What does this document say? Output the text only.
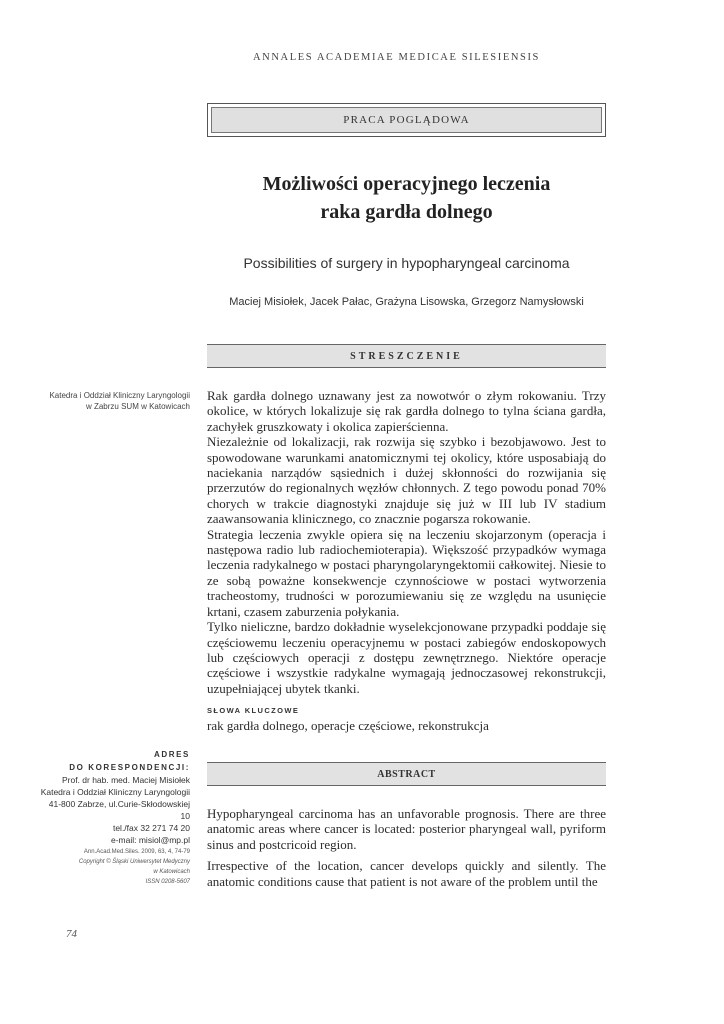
ANNALES ACADEMIAE MEDICAE SILESIENSIS
PRACA POGLĄDOWA
Możliwości operacyjnego leczenia
raka gardła dolnego
Possibilities of surgery in hypopharyngeal carcinoma
Maciej Misiołek, Jacek Pałac, Grażyna Lisowska, Grzegorz Namysłowski
STRESZCZENIE
Katedra i Oddział Kliniczny Laryngologii
w Zabrzu SUM w Katowicach

Rak gardła dolnego uznawany jest za nowotwór o złym rokowaniu. Trzy okolice, w których lokalizuje się rak gardła dolnego to tylna ściana gardła, zachyłek gruszkowaty i okolica zapierścienna.

Niezależnie od lokalizacji, rak rozwija się szybko i bezobjawowo. Jest to spowodowane warunkami anatomicznymi tej okolicy, które usposabiają do naciekania narządów sąsiednich i dużej skłonności do rozwijania się przerzutów do regionalnych węzłów chłonnych. Z tego powodu ponad 70% chorych w trakcie diagnostyki znajduje się już w III lub IV stadium zaawansowania klinicznego, co znacznie pogarsza rokowanie.

Strategia leczenia zwykle opiera się na leczeniu skojarzonym (operacja i następowa radio lub radiochemioterapia). Większość przypadków wymaga leczenia radykalnego w postaci pharyngolaryngektomii całkowitej. Niesie to ze sobą poważne konsekwencje czynnościowe w postaci wytworzenia tracheostomy, trudności w porozumiewaniu się ze względu na usunięcie krtani, czasem zaburzenia połykania.

Tylko nieliczne, bardzo dokładnie wyselekcjonowane przypadki poddaje się częściowemu leczeniu operacyjnemu w postaci zabiegów endoskopowych lub częściowych operacji z dostępu zewnętrznego. Niektóre operacje częściowe i wszystkie radykalne wymagają jednoczasowej rekonstrukcji, uzupełniającej ubytek tkanki.

SŁOWA KLUCZOWE
rak gardła dolnego, operacje częściowe, rekonstrukcja
ADRES
DO KORESPONDENCJI:
Prof. dr hab. med. Maciej Misiołek
Katedra i Oddział Kliniczny Laryngologii
41-800 Zabrze, ul.Curie-Skłodowskiej 10
tel./fax 32 271 74 20
e-mail: misiol@mp.pl
Ann.Acad.Med.Siles. 2009, 63, 4, 74-79
Copyright © Śląski Uniwersytet Medyczny
w Katowicach
ISSN 0208-5607
ABSTRACT

Hypopharyngeal carcinoma has an unfavorable prognosis. There are three anatomic areas where cancer is located: posterior pharyngeal wall, pyriform sinus and postcricoid region.

Irrespective of the location, cancer develops quickly and silently. The anatomic conditions cause that patient is not aware of the problem until the

74
